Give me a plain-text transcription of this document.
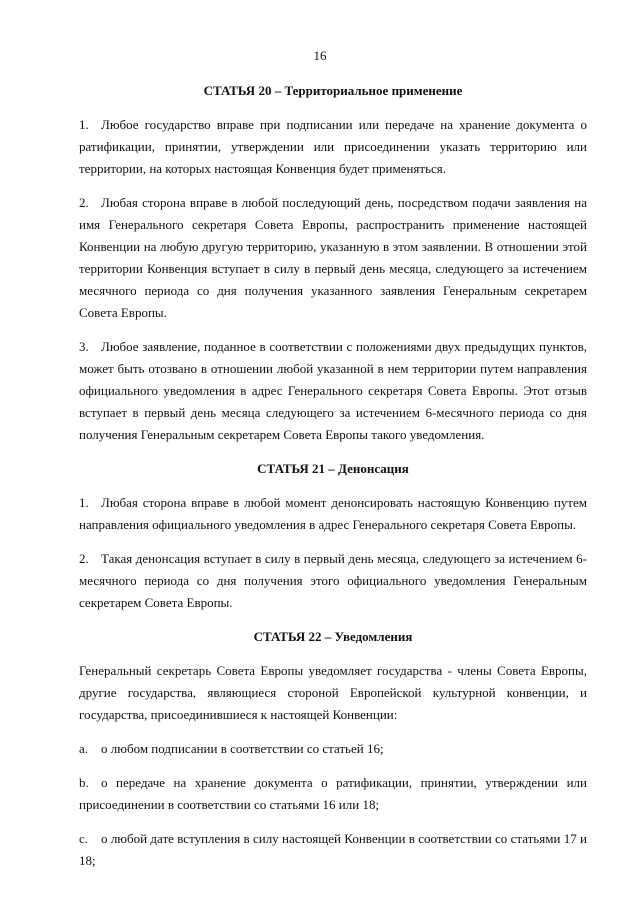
16
СТАТЬЯ 20 – Территориальное применение

1. Любое государство вправе при подписании или передаче на хранение документа о ратификации, принятии, утверждении или присоединении указать территорию или территории, на которых настоящая Конвенция будет применяться.

2. Любая сторона вправе в любой последующий день, посредством подачи заявления на имя Генерального секретаря Совета Европы, распространить применение настоящей Конвенции на любую другую территорию, указанную в этом заявлении. В отношении этой территории Конвенция вступает в силу в первый день месяца, следующего за истечением месячного периода со дня получения указанного заявления Генеральным секретарем Совета Европы.

3. Любое заявление, поданное в соответствии с положениями двух предыдущих пунктов, может быть отозвано в отношении любой указанной в нем территории путем направления официального уведомления в адрес Генерального секретаря Совета Европы. Этот отзыв вступает в первый день месяца следующего за истечением 6-месячного периода со дня получения Генеральным секретарем Совета Европы такого уведомления.

СТАТЬЯ 21 – Денонсация

1. Любая сторона вправе в любой момент денонсировать настоящую Конвенцию путем направления официального уведомления в адрес Генерального секретаря Совета Европы.

2. Такая денонсация вступает в силу в первый день месяца, следующего за истечением 6-месячного периода со дня получения этого официального уведомления Генеральным секретарем Совета Европы.

СТАТЬЯ 22 – Уведомления

Генеральный секретарь Совета Европы уведомляет государства - члены Совета Европы, другие государства, являющиеся стороной Европейской культурной конвенции, и государства, присоединившиеся к настоящей Конвенции:

a. о любом подписании в соответствии со статьей 16;

b. о передаче на хранение документа о ратификации, принятии, утверждении или присоединении в соответствии со статьями 16 или 18;

c. о любой дате вступления в силу настоящей Конвенции в соответствии со статьями 17 и 18;
